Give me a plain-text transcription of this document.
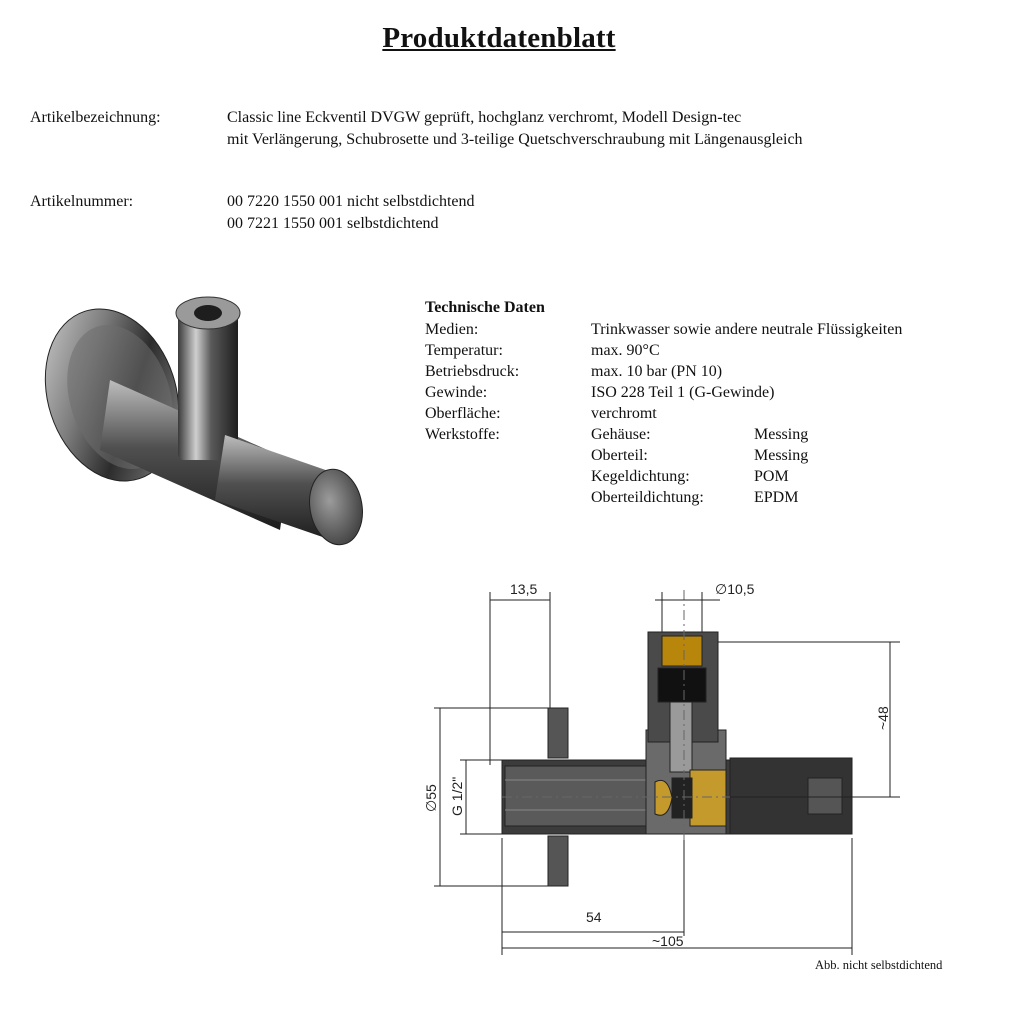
Produktdatenblatt
Artikelbezeichnung:	Classic line Eckventil DVGW geprüft, hochglanz verchromt, Modell Design-tec
mit Verlängerung, Schubrosette und 3-teilige Quetschverschraubung mit Längenausgleich
Artikelnummer:	00 7220 1550 001 nicht selbstdichtend
00 7221 1550 001 selbstdichtend
Technische Daten
Medien:	Trinkwasser sowie andere neutrale Flüssigkeiten
Temperatur:	max. 90°C
Betriebsdruck:	max. 10 bar (PN 10)
Gewinde:	ISO 228 Teil 1 (G-Gewinde)
Oberfläche:	verchromt
Werkstoffe:	Gehäuse:	Messing
Oberteil:	Messing
Kegeldichtung:	POM
Oberteildichtung:	EPDM
13,5	∅10,5
~48
∅55 G 1/2"
54
~105
Abb. nicht selbstdichtend
